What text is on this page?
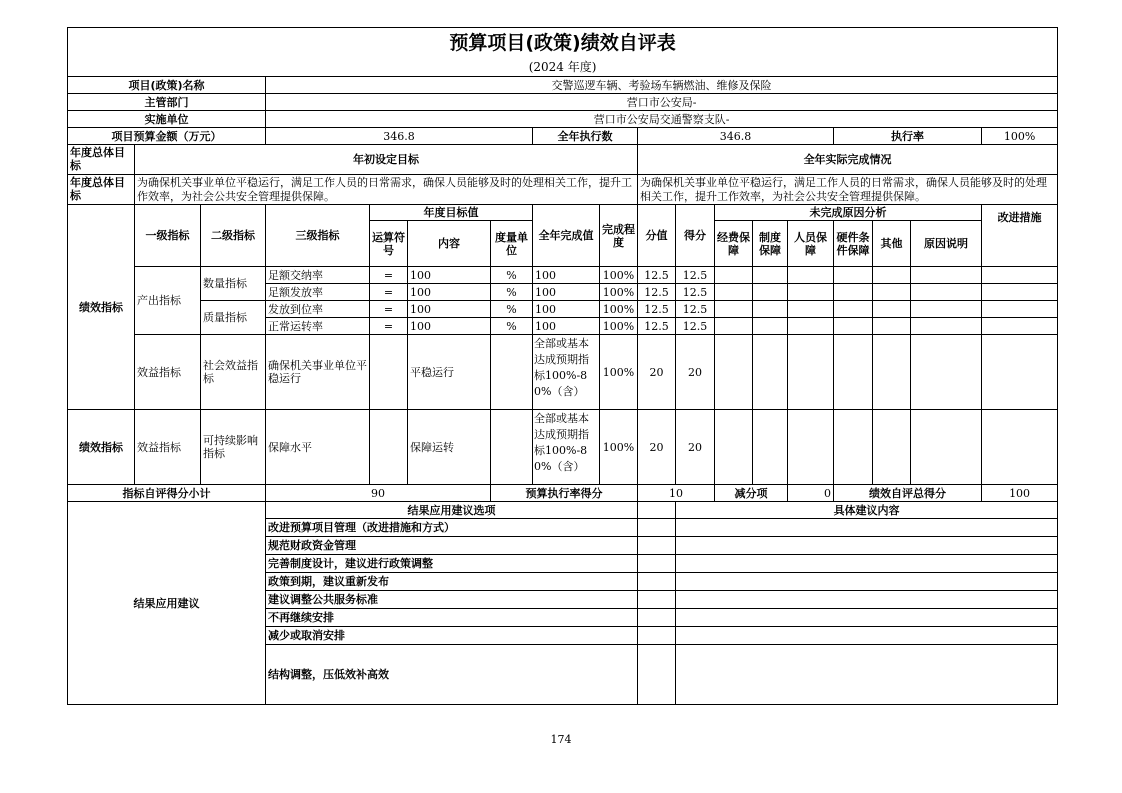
预算项目(政策)绩效自评表
(2024 年度)																	

项目(政策)名称			交警巡逻车辆、考验场车辆燃油、维修及保险														
主管部门			营口市公安局-														
实施单位			营口市公安局交通警察支队-														
项目预算金额（万元）			346.8				全年执行数		346.8					执行率			100%

年度总体目标	年初设定目标								全年实际完成情况								

年度总体目标	为确保机关事业单位平稳运行，满足工作人员的日常需求，确保人员能够及时的处理相关工作，提升工作效率，为社会公共安全管理提供保障。								为确保机关事业单位平稳运行，满足工作人员的日常需求，确保人员能够及时的处理相关工作，提升工作效率，为社会公共安全管理提供保障。								

绩效指标	一级指标	二级指标	三级指标	年度目标值			全年完成值	完成程度	分值	得分	未完成原因分析						改进措施
				运算符号	内容	度量单位					经费保障	制度保障	人员保障	硬件条件保障	其他	原因说明	
	产出指标	数量指标	足额交纳率	=	100	%	100	100%	12.5	12.5							
			足额发放率	=	100	%	100	100%	12.5	12.5							
		质量指标	发放到位率	=	100	%	100	100%	12.5	12.5							
			正常运转率	=	100	%	100	100%	12.5	12.5							
	效益指标	社会效益指标	确保机关事业单位平稳运行		平稳运行		全部或基本达成预期指标100%-80%（含）	100%	20	20							
绩效指标	效益指标	可持续影响指标	保障水平		保障运转		全部或基本达成预期指标100%-80%（含）	100%	20	20							
指标自评得分小计			90			预算执行率得分			10		减分项		0	绩效自评总得分			100
结果应用建议			结果应用建议选项							具体建议内容							
			改进预算项目管理（改进措施和方式）														
			规范财政资金管理														
			完善制度设计，建议进行政策调整														
			政策到期，建议重新发布														
			建议调整公共服务标准														
			不再继续安排														
			减少或取消安排														
			结构调整，压低效补高效														
174
